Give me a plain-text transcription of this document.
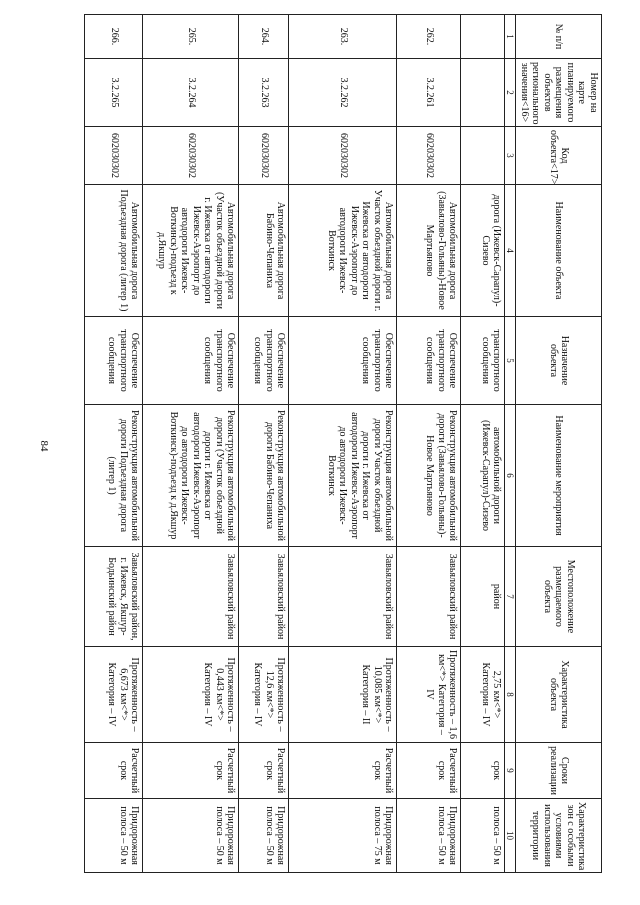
84
№ п/п	Номер на карте планируемого размещения объектов регионального значения<16>	Код объекта<17>	Наименование объекта	Назначение объекта	Наименование мероприятия	Местоположение размещаемого объекта	Характеристика объекта	Сроки реализации	Характеристика зон с особыми условиями использования территории
1	2	3	4	5	6	7	8	9	10
			дорога (Ижевск-Сарапул)-Сизево	транспортного сообщения	автомобильной дороги (Ижевск-Сарапул)-Сизево	район	2,75 км<*> Категория – IV	срок	полоса – 50 м
262.	3.2.261	602030302	Автомобильная дорога (Завьялово-Гольяны)-Новое Мартьяново	Обеспечение транспортного сообщения	Реконструкция автомобильной дороги (Завьялово-Гольяны)-Новое Мартьяново	Завьяловский район	Протяженность – 1,6 км<*> Категория – IV	Расчетный срок	Придорожная полоса – 50 м
263.	3.2.262	602030302	Автомобильная дорога Участок объездной дороги г. Ижевска от автодороги Ижевск-Аэропорт до автодороги Ижевск-Воткинск	Обеспечение транспортного сообщения	Реконструкция автомобильной дороги Участок объездной дороги г. Ижевска от автодороги Ижевск-Аэропорт до автодороги Ижевск-Воткинск	Завьяловский район	Протяженность – 10,085 км<*> Категория – II	Расчетный срок	Придорожная полоса – 75 м
264.	3.2.263	602030302	Автомобильная дорога Бабино-Чепаниха	Обеспечение транспортного сообщения	Реконструкция автомобильной дороги Бабино-Чепаниха	Завьяловский район	Протяженность – 12,6 км<*> Категория – IV	Расчетный срок	Придорожная полоса – 50 м
265.	3.2.264	602030302	Автомобильная дорога (Участок объездной дороги г. Ижевска от автодороги Ижевск-Аэропорт до автодороги Ижевск-Воткинск)-подъезд к д.Якшур	Обеспечение транспортного сообщения	Реконструкция автомобильной дороги (Участок объездной дороги г. Ижевска от автодороги Ижевск-Аэропорт до автодороги Ижевск-Воткинск)-подъезд к д.Якшур	Завьяловский район	Протяженность – 0,443 км<*> Категория – IV	Расчетный срок	Придорожная полоса – 50 м
266.	3.2.265	602030302	Автомобильная дорога Подъездная дорога (литер 1)	Обеспечение транспортного сообщения	Реконструкция автомобильной дороги Подъездная дорога (литер 1)	Завьяловский район, г. Ижевск, Якшур-Бодьинский район	Протяженность – 6,673 км<*> Категория – IV	Расчетный срок	Придорожная полоса – 50 м
